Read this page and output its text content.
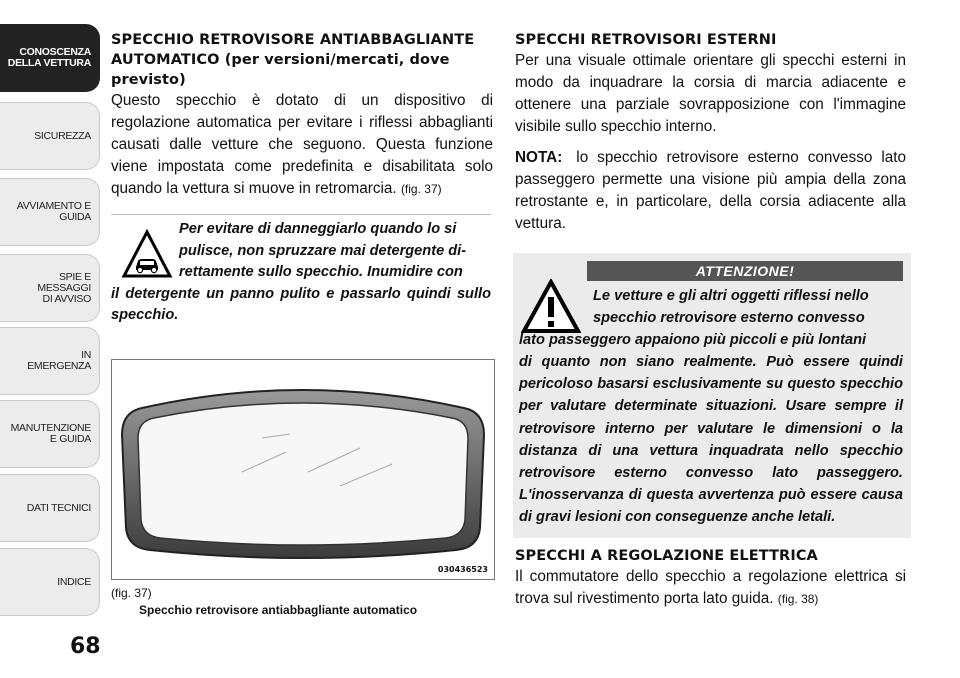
CONOSCENZA
DELLA VETTURA
SICUREZZA
AVVIAMENTO E
GUIDA
SPIE E
MESSAGGI
DI AVVISO
IN
EMERGENZA
MANUTENZIONE
E GUIDA
DATI TECNICI
INDICE
68
SPECCHIO RETROVISORE ANTIABBAGLIANTE AUTOMATICO (per versioni/mercati, dove previsto)

Questo specchio è dotato di un dispositivo di regolazione automatica per evitare i riflessi abbaglianti causati dalle vetture che seguono. Questa funzione viene impostata come predefinita e disabilitata solo quando la vettura si muove in retromarcia. (fig. 37)

Per evitare di danneggiarlo quando lo si

pulisce, non spruzzare mai detergente di-

rettamente sullo specchio. Inumidire con

il detergente un panno pulito e passarlo quindi sullo specchio.

030436523
(fig. 37)
Specchio retrovisore antiabbagliante automatico
SPECCHI RETROVISORI ESTERNI

Per una visuale ottimale orientare gli specchi esterni in modo da inquadrare la corsia di marcia adiacente e ottenere una parziale sovrapposizione con l'immagine visibile sullo specchio interno.

NOTA: lo specchio retrovisore esterno convesso lato passeggero permette una visione più ampia della zona retrostante e, in particolare, della corsia adiacente alla vettura.

ATTENZIONE!

Le vetture e gli altri oggetti riflessi nello

specchio retrovisore esterno convesso

lato passeggero appaiono più piccoli e più lontani

di quanto non siano realmente. Può essere quindi pericoloso basarsi esclusivamente su questo specchio per valutare determinate situazioni. Usare sempre il retrovisore interno per valutare le dimensioni o la distanza di una vettura inquadrata nello specchio retrovisore esterno convesso lato passeggero. L'inosservanza di questa avvertenza può essere causa di gravi lesioni con conseguenze anche letali.

SPECCHI A REGOLAZIONE ELETTRICA

Il commutatore dello specchio a regolazione elettrica si trova sul rivestimento porta lato guida. (fig. 38)
